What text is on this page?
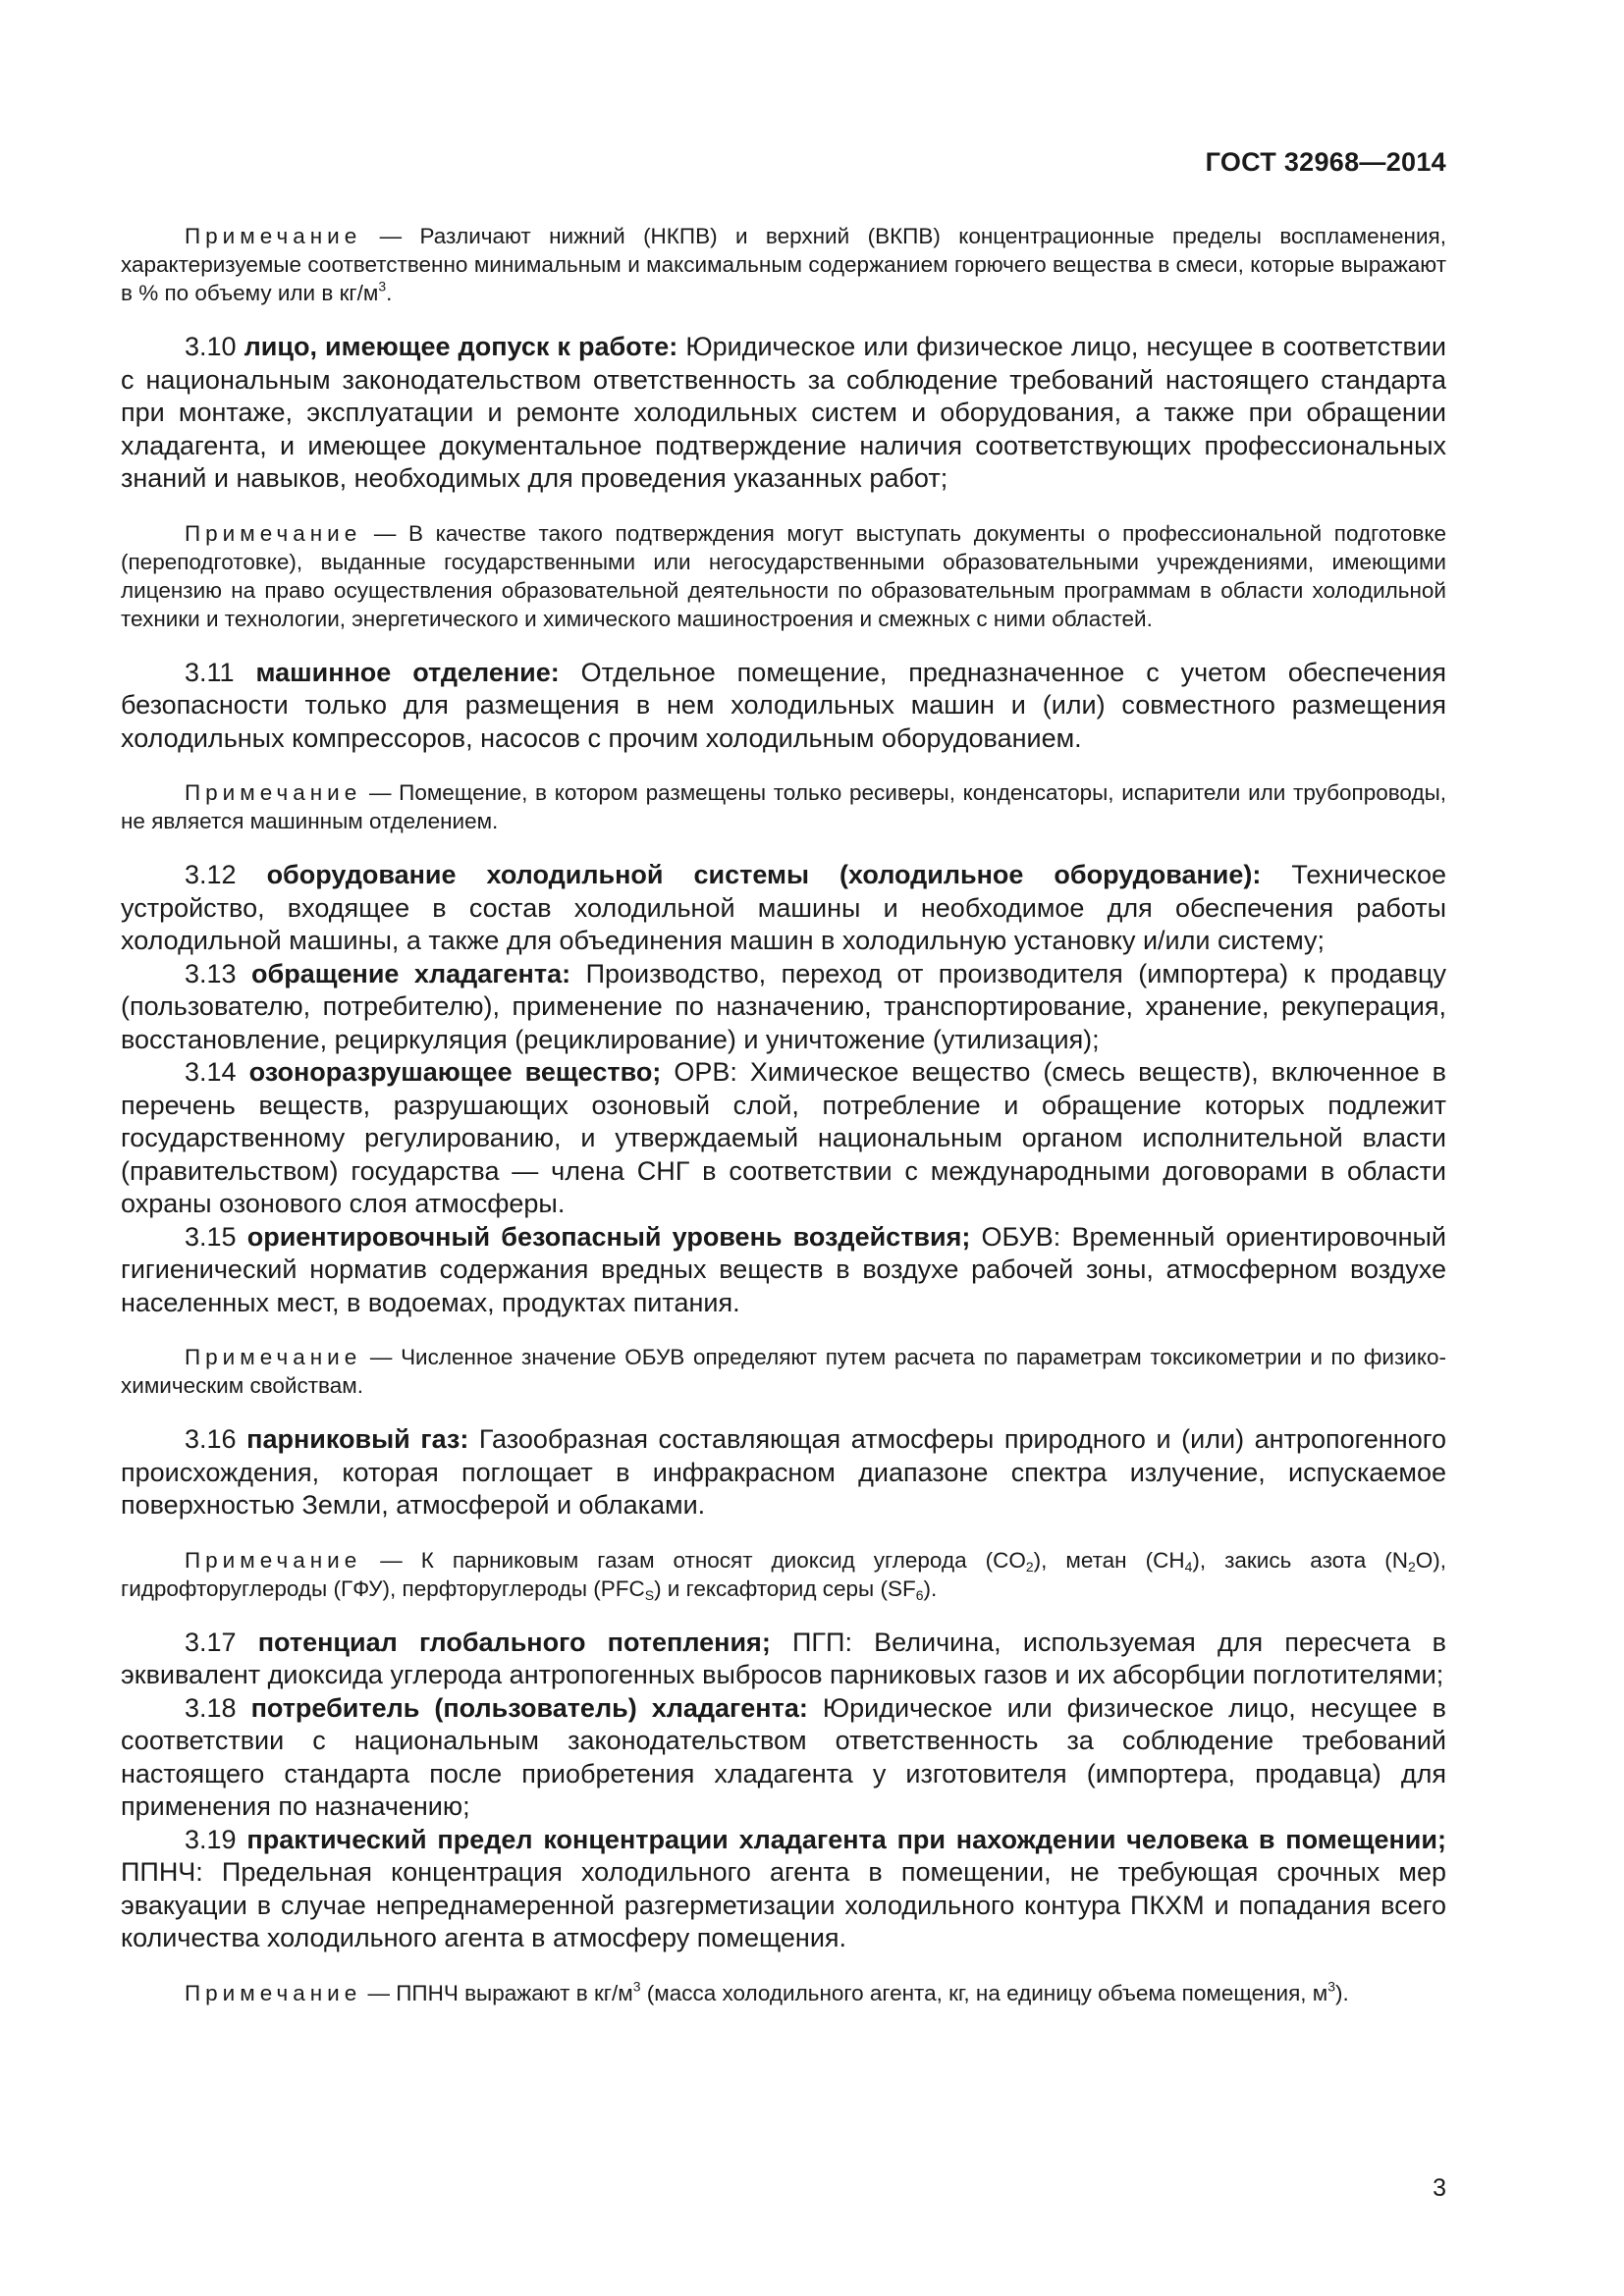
ГОСТ 32968—2014

Примечание — Различают нижний (НКПВ) и верхний (ВКПВ) концентрационные пределы воспламенения, характеризуемые соответственно минимальным и максимальным содержанием горючего вещества в смеси, которые выражают в % по объему или в $кг/м^3$.

3.10 лицо, имеющее допуск к работе: Юридическое или физическое лицо, несущее в соответствии с национальным законодательством ответственность за соблюдение требований настоящего стандарта при монтаже, эксплуатации и ремонте холодильных систем и оборудования, а также при обращении хладагента, и имеющее документальное подтверждение наличия соответствующих профессиональных знаний и навыков, необходимых для проведения указанных работ;

Примечание — В качестве такого подтверждения могут выступать документы о профессиональной подготовке (переподготовке), выданные государственными или негосударственными образовательными учреждениями, имеющими лицензию на право осуществления образовательной деятельности по образовательным программам в области холодильной техники и технологии, энергетического и химического машиностроения и смежных с ними областей.

3.11 машинное отделение: Отдельное помещение, предназначенное с учетом обеспечения безопасности только для размещения в нем холодильных машин и (или) совместного размещения холодильных компрессоров, насосов с прочим холодильным оборудованием.

Примечание — Помещение, в котором размещены только ресиверы, конденсаторы, испарители или трубопроводы, не является машинным отделением.

3.12 оборудование холодильной системы (холодильное оборудование): Техническое устройство, входящее в состав холодильной машины и необходимое для обеспечения работы холодильной машины, а также для объединения машин в холодильную установку и/или систему;

3.13 обращение хладагента: Производство, переход от производителя (импортера) к продавцу (пользователю, потребителю), применение по назначению, транспортирование, хранение, рекуперация, восстановление, рециркуляция (рециклирование) и уничтожение (утилизация);

3.14 озоноразрушающее вещество; ОРВ: Химическое вещество (смесь веществ), включенное в перечень веществ, разрушающих озоновый слой, потребление и обращение которых подлежит государственному регулированию, и утверждаемый национальным органом исполнительной власти (правительством) государства — члена СНГ в соответствии с международными договорами в области охраны озонового слоя атмосферы.

3.15 ориентировочный безопасный уровень воздействия; ОБУВ: Временный ориентировочный гигиенический норматив содержания вредных веществ в воздухе рабочей зоны, атмосферном воздухе населенных мест, в водоемах, продуктах питания.

Примечание — Численное значение ОБУВ определяют путем расчета по параметрам токсикометрии и по физико-химическим свойствам.

3.16 парниковый газ: Газообразная составляющая атмосферы природного и (или) антропогенного происхождения, которая поглощает в инфракрасном диапазоне спектра излучение, испускаемое поверхностью Земли, атмосферой и облаками.

Примечание — К парниковым газам относят диоксид углерода $(CO_2)$, метан $(CH_4)$, закись азота $(N_2O)$, гидрофторуглероды (ГФУ), перфторуглероды $(PFC_S)$ и гексафторид серы $(SF_6)$.

3.17 потенциал глобального потепления; ПГП: Величина, используемая для пересчета в эквивалент диоксида углерода антропогенных выбросов парниковых газов и их абсорбции поглотителями;

3.18 потребитель (пользователь) хладагента: Юридическое или физическое лицо, несущее в соответствии с национальным законодательством ответственность за соблюдение требований настоящего стандарта после приобретения хладагента у изготовителя (импортера, продавца) для применения по назначению;

3.19 практический предел концентрации хладагента при нахождении человека в помещении; ППНЧ: Предельная концентрация холодильного агента в помещении, не требующая срочных мер эвакуации в случае непреднамеренной разгерметизации холодильного контура ПКХМ и попадания всего количества холодильного агента в атмосферу помещения.

Примечание — ППНЧ выражают в $кг/м^3$ (масса холодильного агента, кг, на единицу объема помещения, $м^3$).

3
